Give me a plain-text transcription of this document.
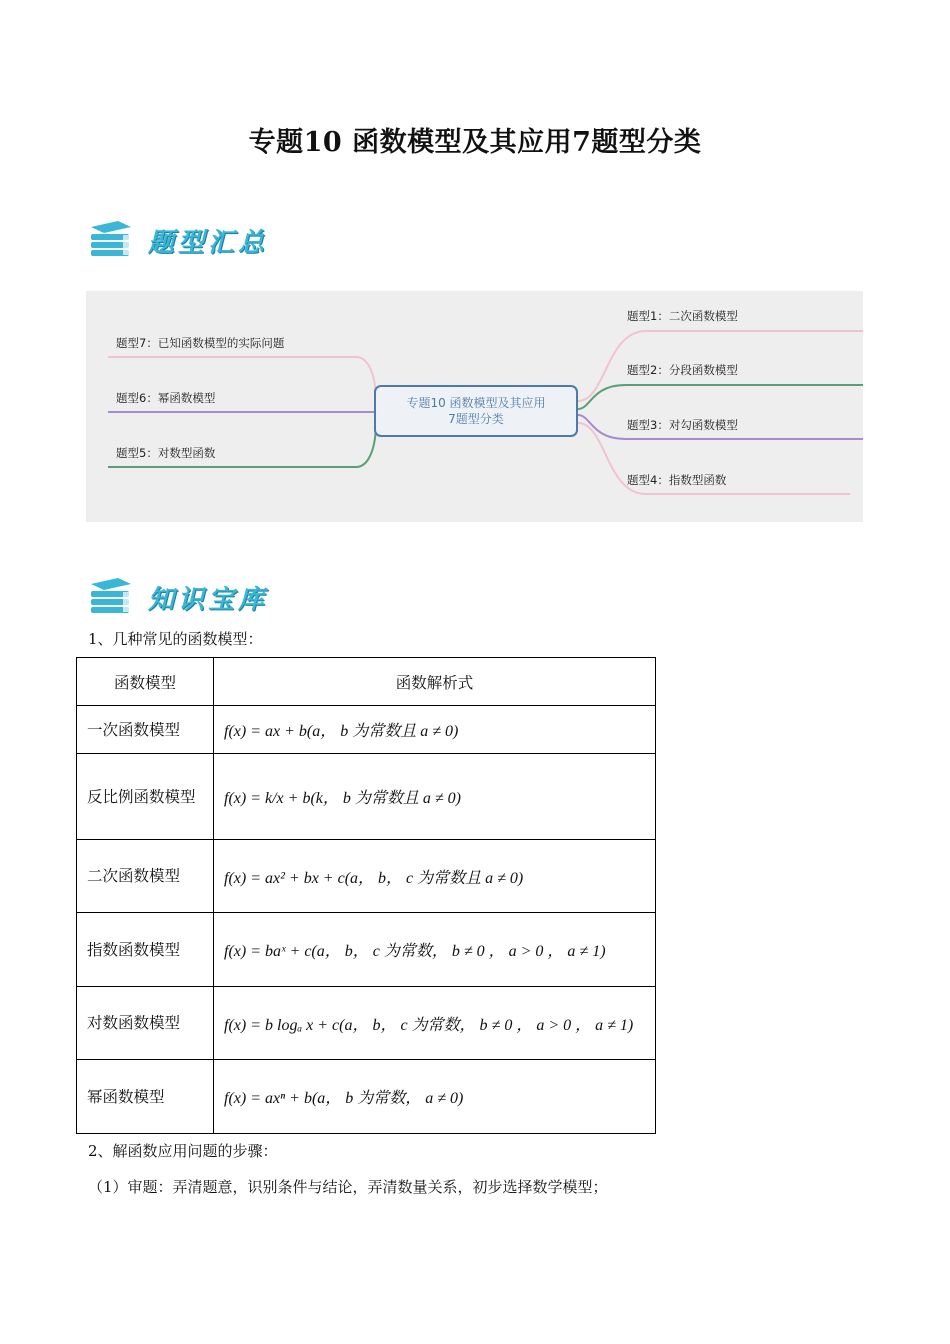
专题10 函数模型及其应用7题型分类
题型汇总
题型7：已知函数模型的实际问题
题型6：幂函数模型
题型5：对数型函数
题型1：二次函数模型
题型2：分段函数模型
题型3：对勾函数模型
题型4：指数型函数
专题10 函数模型及其应用
7题型分类
知识宝库
1、几种常见的函数模型：
函数模型	函数解析式
一次函数模型	f(x) = ax + b(a， b 为常数且 a ≠ 0)
反比例函数模型	f(x) = k/x + b(k， b 为常数且 a ≠ 0)
二次函数模型	f(x) = ax² + bx + c(a， b， c 为常数且 a ≠ 0)
指数函数模型	f(x) = baˣ + c(a， b， c 为常数， b ≠ 0 ， a > 0 ， a ≠ 1)
对数函数模型	f(x) = b logₐ x + c(a， b， c 为常数， b ≠ 0 ， a > 0 ， a ≠ 1)
幂函数模型	f(x) = axⁿ + b(a， b 为常数， a ≠ 0)
2、解函数应用问题的步骤：
（1）审题：弄清题意，识别条件与结论，弄清数量关系，初步选择数学模型；
